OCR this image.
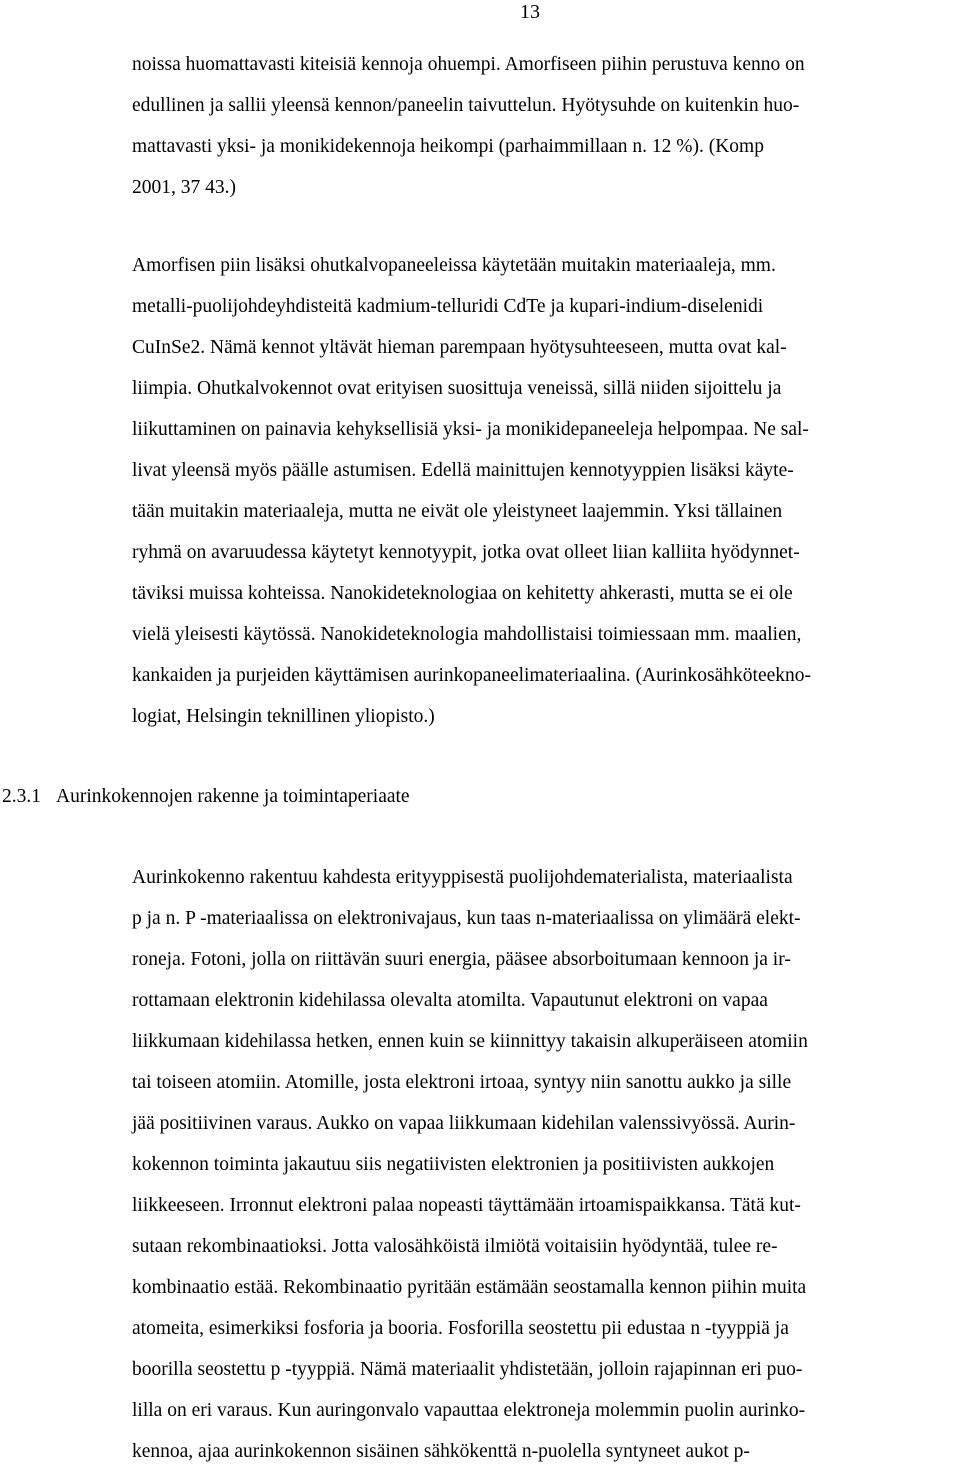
13
noissa huomattavasti kiteisiä kennoja ohuempi. Amorfiseen piihin perustuva kenno on
edullinen ja sallii yleensä kennon/paneelin taivuttelun. Hyötysuhde on kuitenkin huo-
mattavasti yksi- ja monikidekennoja heikompi (parhaimmillaan n. 12 %). (Komp
2001, 37 43.)
Amorfisen piin lisäksi ohutkalvopaneeleissa käytetään muitakin materiaaleja, mm.
metalli-puolijohdeyhdisteitä kadmium-telluridi CdTe ja kupari-indium-diselenidi
CuInSe2. Nämä kennot yltävät hieman parempaan hyötysuhteeseen, mutta ovat kal-
liimpia. Ohutkalvokennot ovat erityisen suosittuja veneissä, sillä niiden sijoittelu ja
liikuttaminen on painavia kehyksellisiä yksi- ja monikidepaneeleja helpompaa. Ne sal-
livat yleensä myös päälle astumisen. Edellä mainittujen kennotyyppien lisäksi käyte-
tään muitakin materiaaleja, mutta ne eivät ole yleistyneet laajemmin. Yksi tällainen
ryhmä on avaruudessa käytetyt kennotyypit, jotka ovat olleet liian kalliita hyödynnet-
täviksi muissa kohteissa. Nanokideteknologiaa on kehitetty ahkerasti, mutta se ei ole
vielä yleisesti käytössä. Nanokideteknologia mahdollistaisi toimiessaan mm. maalien,
kankaiden ja purjeiden käyttämisen aurinkopaneelimateriaalina. (Aurinkosähköteekno-
logiat, Helsingin teknillinen yliopisto.)
2.3.1 Aurinkokennojen rakenne ja toimintaperiaate
Aurinkokenno rakentuu kahdesta erityyppisestä puolijohdematerialista, materiaalista
p ja n. P -materiaalissa on elektronivajaus, kun taas n-materiaalissa on ylimäärä elekt-
roneja. Fotoni, jolla on riittävän suuri energia, pääsee absorboitumaan kennoon ja ir-
rottamaan elektronin kidehilassa olevalta atomilta. Vapautunut elektroni on vapaa
liikkumaan kidehilassa hetken, ennen kuin se kiinnittyy takaisin alkuperäiseen atomiin
tai toiseen atomiin. Atomille, josta elektroni irtoaa, syntyy niin sanottu aukko ja sille
jää positiivinen varaus. Aukko on vapaa liikkumaan kidehilan valenssivyössä. Aurin-
kokennon toiminta jakautuu siis negatiivisten elektronien ja positiivisten aukkojen
liikkeeseen. Irronnut elektroni palaa nopeasti täyttämään irtoamispaikkansa. Tätä kut-
sutaan rekombinaatioksi. Jotta valosähköistä ilmiötä voitaisiin hyödyntää, tulee re-
kombinaatio estää. Rekombinaatio pyritään estämään seostamalla kennon piihin muita
atomeita, esimerkiksi fosforia ja booria. Fosforilla seostettu pii edustaa n -tyyppiä ja
boorilla seostettu p -tyyppiä. Nämä materiaalit yhdistetään, jolloin rajapinnan eri puo-
lilla on eri varaus. Kun auringonvalo vapauttaa elektroneja molemmin puolin aurinko-
kennoa, ajaa aurinkokennon sisäinen sähkökenttä n-puolella syntyneet aukot p-
